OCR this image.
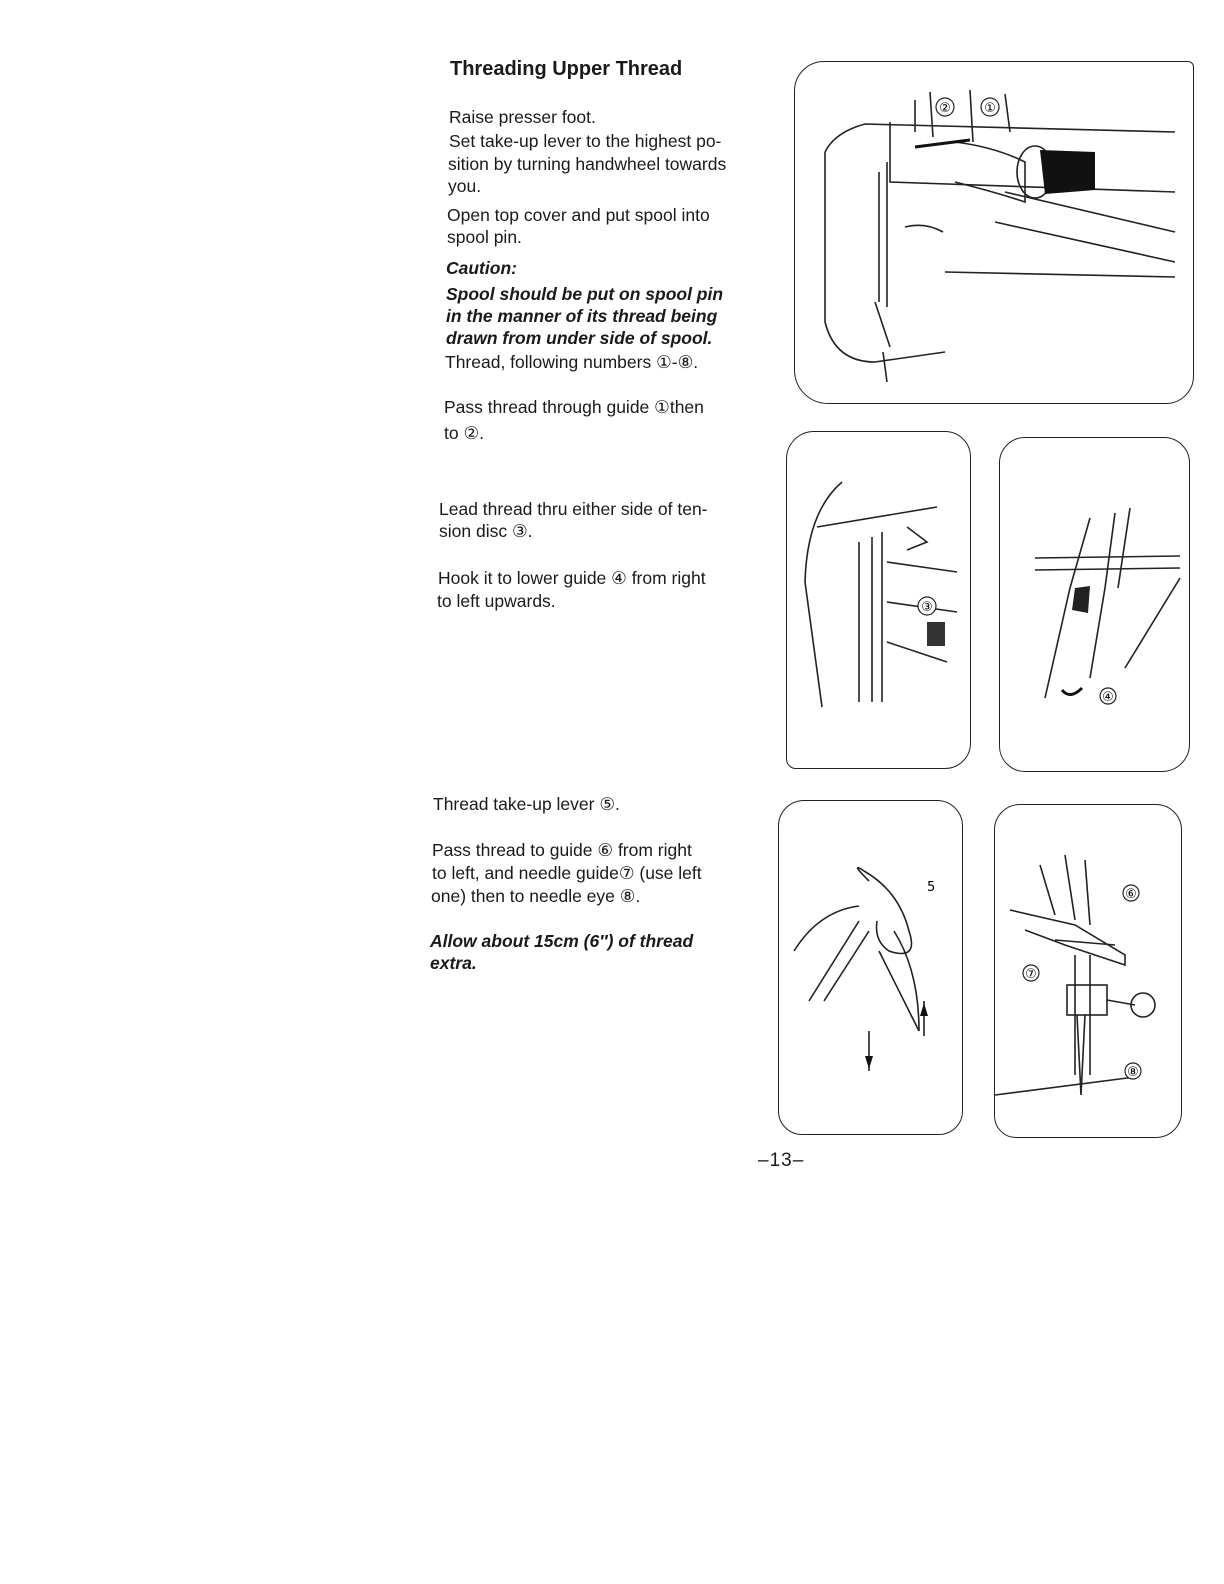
Threading Upper Thread
Raise presser foot.
Set take-up lever to the highest po-
sition by turning handwheel towards
you.
Open top cover and put spool into
spool pin.
Caution:
Spool should be put on spool pin
in the manner of its thread being
drawn from under side of spool.
Thread, following numbers ①-⑧.
Pass thread through guide ①then
to ②.
Lead thread thru either side of ten-
sion disc ③.
Hook it to lower guide ④ from right
to left upwards.
Thread take-up lever ⑤.
Pass thread to guide ⑥ from right
to left, and needle guide⑦ (use left
one) then to needle eye ⑧.
Allow about 15cm (6″) of thread
extra.
②	①
③
④
5	⑥
⑦
⑧
–13–
